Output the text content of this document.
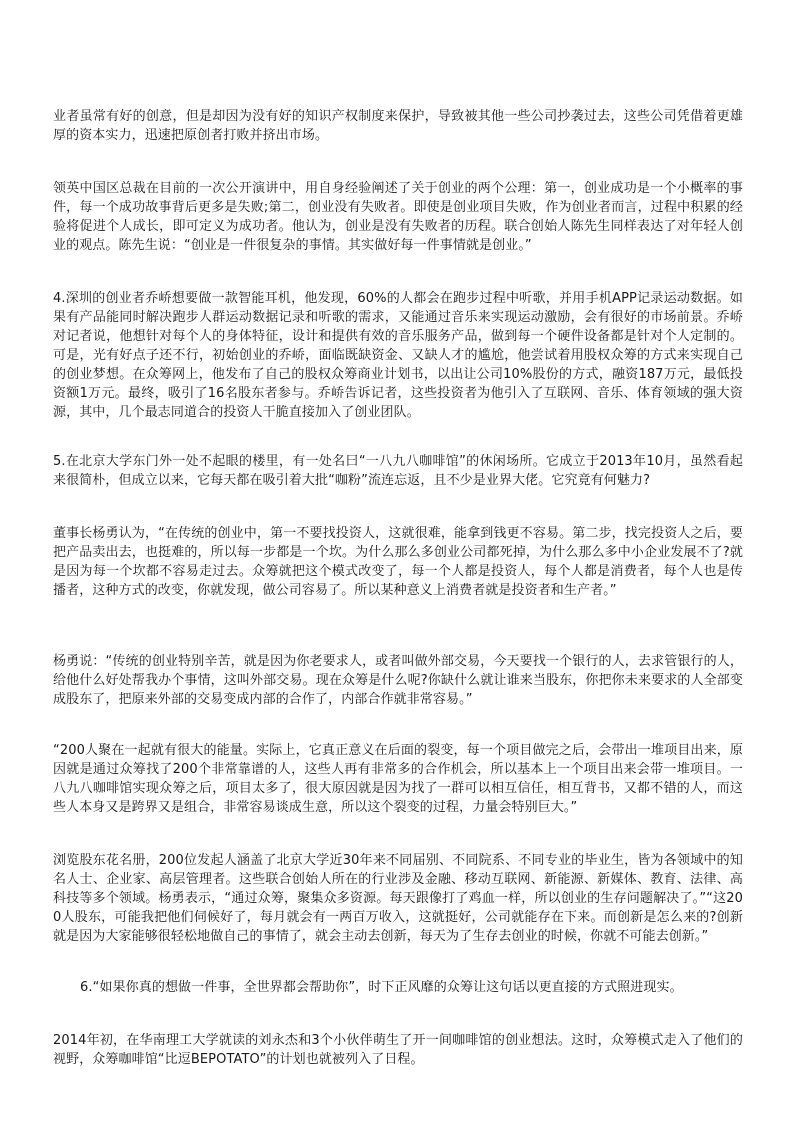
业者虽常有好的创意，但是却因为没有好的知识产权制度来保护，导致被其他一些公司抄袭过去，这些公司凭借着更雄厚的资本实力，迅速把原创者打败并挤出市场。

领英中国区总裁在目前的一次公开演讲中，用自身经验阐述了关于创业的两个公理：第一，创业成功是一个小概率的事件，每一个成功故事背后更多是失败;第二，创业没有失败者。即使是创业项目失败，作为创业者而言，过程中积累的经验将促进个人成长，即可定义为成功者。他认为，创业是没有失败者的历程。联合创始人陈先生同样表达了对年轻人创业的观点。陈先生说：“创业是一件很复杂的事情。其实做好每一件事情就是创业。”

4.深圳的创业者乔峤想要做一款智能耳机，他发现，60%的人都会在跑步过程中听歌，并用手机APP记录运动数据。如果有产品能同时解决跑步人群运动数据记录和听歌的需求，又能通过音乐来实现运动激励，会有很好的市场前景。乔峤对记者说，他想针对每个人的身体特征，设计和提供有效的音乐服务产品，做到每一个硬件设备都是针对个人定制的。可是，光有好点子还不行，初始创业的乔峤，面临既缺资金、又缺人才的尴尬，他尝试着用股权众筹的方式来实现自己的创业梦想。在众筹网上，他发布了自己的股权众筹商业计划书，以出让公司10%股份的方式，融资187万元，最低投资额1万元。最终，吸引了16名股东者参与。乔峤告诉记者，这些投资者为他引入了互联网、音乐、体育领域的强大资源，其中，几个最志同道合的投资人干脆直接加入了创业团队。

5.在北京大学东门外一处不起眼的楼里，有一处名曰“一八九八咖啡馆”的休闲场所。它成立于2013年10月，虽然看起来很简朴，但成立以来，它每天都在吸引着大批“咖粉”流连忘返，且不少是业界大佬。它究竟有何魅力?

董事长杨勇认为，“在传统的创业中，第一不要找投资人，这就很难，能拿到钱更不容易。第二步，找完投资人之后，要把产品卖出去，也挺难的，所以每一步都是一个坎。为什么那么多创业公司都死掉，为什么那么多中小企业发展不了?就是因为每一个坎都不容易走过去。众筹就把这个模式改变了，每一个人都是投资人，每个人都是消费者，每个人也是传播者，这种方式的改变，你就发现，做公司容易了。所以某种意义上消费者就是投资者和生产者。”

杨勇说：“传统的创业特别辛苦，就是因为你老要求人，或者叫做外部交易，今天要找一个银行的人，去求管银行的人，给他什么好处帮我办个事情，这叫外部交易。现在众筹是什么呢?你缺什么就让谁来当股东，你把你未来要求的人全部变成股东了，把原来外部的交易变成内部的合作了，内部合作就非常容易。”

“200人聚在一起就有很大的能量。实际上，它真正意义在后面的裂变，每一个项目做完之后，会带出一堆项目出来，原因就是通过众筹找了200个非常靠谱的人，这些人再有非常多的合作机会，所以基本上一个项目出来会带一堆项目。一八九八咖啡馆实现众筹之后，项目太多了，很大原因就是因为找了一群可以相互信任，相互背书，又都不错的人，而这些人本身又是跨界又是组合，非常容易谈成生意，所以这个裂变的过程，力量会特别巨大。”

浏览股东花名册，200位发起人涵盖了北京大学近30年来不同届别、不同院系、不同专业的毕业生，皆为各领域中的知名人士、企业家、高层管理者。这些联合创始人所在的行业涉及金融、移动互联网、新能源、新媒体、教育、法律、高科技等多个领域。杨勇表示，“通过众筹，聚集众多资源。每天跟像打了鸡血一样，所以创业的生存问题解决了。”“这200人股东，可能我把他们伺候好了，每月就会有一两百万收入，这就挺好，公司就能存在下来。而创新是怎么来的?创新就是因为大家能够很轻松地做自己的事情了，就会主动去创新，每天为了生存去创业的时候，你就不可能去创新。”

6.“如果你真的想做一件事，全世界都会帮助你”，时下正风靡的众筹让这句话以更直接的方式照进现实。

2014年初，在华南理工大学就读的刘永杰和3个小伙伴萌生了开一间咖啡馆的创业想法。这时，众筹模式走入了他们的视野，众筹咖啡馆“比逗BEPOTATO”的计划也就被列入了日程。
